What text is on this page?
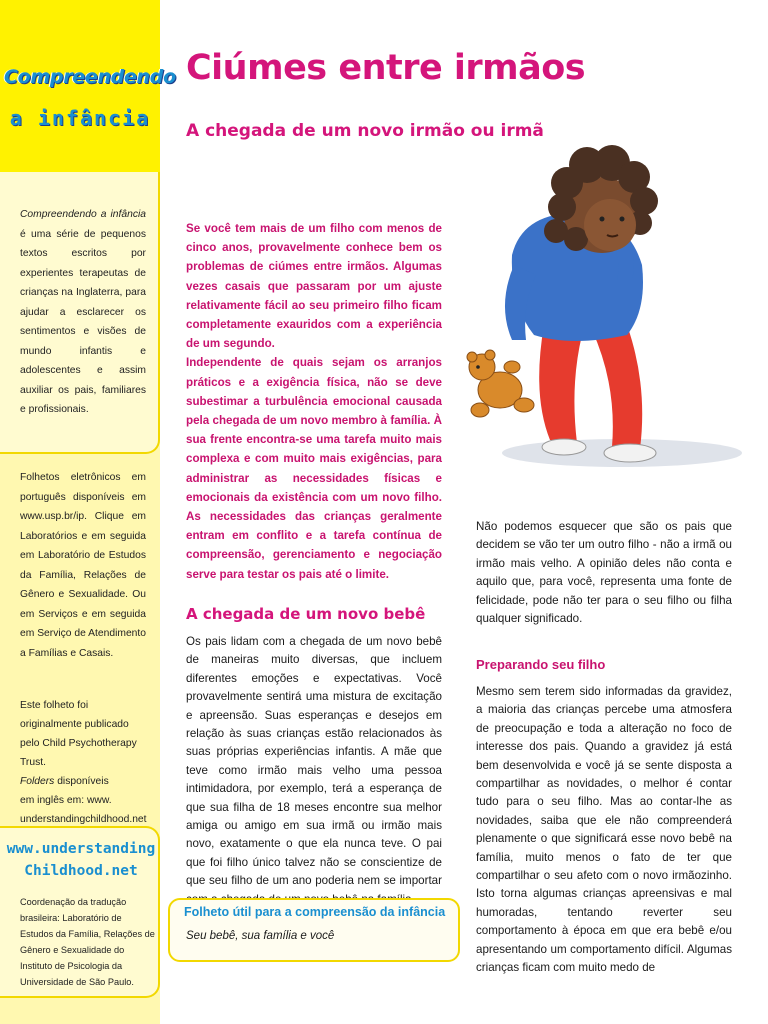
Compreendendo
a infância
Compreendendo a infância é uma série de pequenos textos escritos por experientes terapeutas de crianças na Inglaterra, para ajudar a esclarecer os sentimentos e visões de mundo infantis e adolescentes e assim auxiliar os pais, familiares e profissionais.
Folhetos eletrônicos em português disponíveis em www.usp.br/ip. Clique em Laboratórios e em seguida em Laboratório de Estudos da Família, Relações de Gênero e Sexualidade. Ou em Serviços e em seguida em Serviço de Atendimento a Famílias e Casais.
Este folheto foi
originalmente publicado
pelo Child Psychotherapy
Trust.
Folders disponíveis
em inglês em: www.
understandingchildhood.net
www.understanding
Childhood.net
Coordenação da tradução brasileira: Laboratório de Estudos da Família, Relações de Gênero e Sexualidade do Instituto de Psicologia da Universidade de São Paulo.
Ciúmes entre irmãos
A chegada de um novo irmão ou irmã

Se você tem mais de um filho com menos de cinco anos, provavelmente conhece bem os problemas de ciúmes entre irmãos. Algumas vezes casais que passaram por um ajuste relativamente fácil ao seu primeiro filho ficam completamente exauridos com a experiência de um segundo.

Independente de quais sejam os arranjos práticos e a exigência física, não se deve subestimar a turbulência emocional causada pela chegada de um novo membro à família. À sua frente encontra-se uma tarefa muito mais complexa e com muito mais exigências, para administrar as necessidades físicas e emocionais da existência com um novo filho. As necessidades das crianças geralmente entram em conflito e a tarefa contínua de compreensão, gerenciamento e negociação serve para testar os pais até o limite.

A chegada de um novo bebê
Os pais lidam com a chegada de um novo bebê de maneiras muito diversas, que incluem diferentes emoções e expectativas. Você provavelmente sentirá uma mistura de excitação e apreensão. Suas esperanças e desejos em relação às suas crianças estão relacionados às suas próprias experiências infantis. A mãe que teve como irmão mais velho uma pessoa intimidadora, por exemplo, terá a esperança de que sua filha de 18 meses encontre sua melhor amiga ou amigo em sua irmã ou irmão mais novo, exatamente o que ela nunca teve. O pai que foi filho único talvez não se conscientize de que seu filho de um ano poderia nem se importar
Folheto útil para a compreensão da infância
Seu bebê, sua família e você
Não podemos esquecer que são os pais que decidem se vão ter um outro filho - não a irmã ou irmão mais velho. A opinião deles não conta e aquilo que, para você, representa uma fonte de felicidade, pode não ter para o seu filho ou filha qualquer significado.
Preparando seu filho
Mesmo sem terem sido informadas da gravidez, a maioria das crianças percebe uma atmosfera de preocupação e toda a alteração no foco de interesse dos pais. Quando a gravidez já está bem desenvolvida e você já se sente disposta a compartilhar as novidades, o melhor é contar tudo para o seu filho. Mas ao contar-lhe as novidades, saiba que ele não compreenderá plenamente o que significará esse novo bebê na família, muito menos o fato de ter que compartilhar o seu afeto com o novo irmãozinho. Isto torna algumas crianças apreensivas e mal humoradas, tentando reverter seu comportamento à época em que era bebê e/ou apresentando um comportamento difícil. Algumas crianças ficam com muito medo de
